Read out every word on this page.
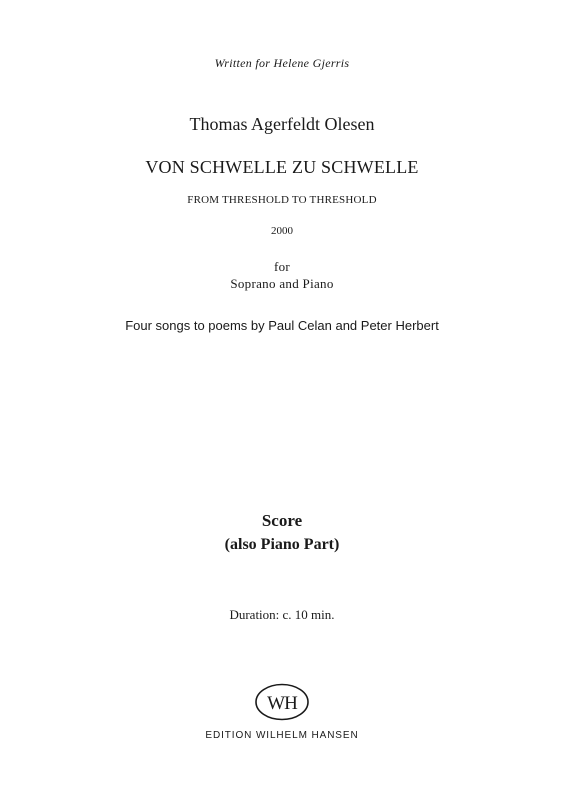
Written for Helene Gjerris
Thomas Agerfeldt Olesen
VON SCHWELLE ZU SCHWELLE
FROM THRESHOLD TO THRESHOLD
2000
for
Soprano and Piano
Four songs to poems by Paul Celan and Peter Herbert
Score
(also Piano Part)
Duration: c. 10 min.
WH
EDITION WILHELM HANSEN
